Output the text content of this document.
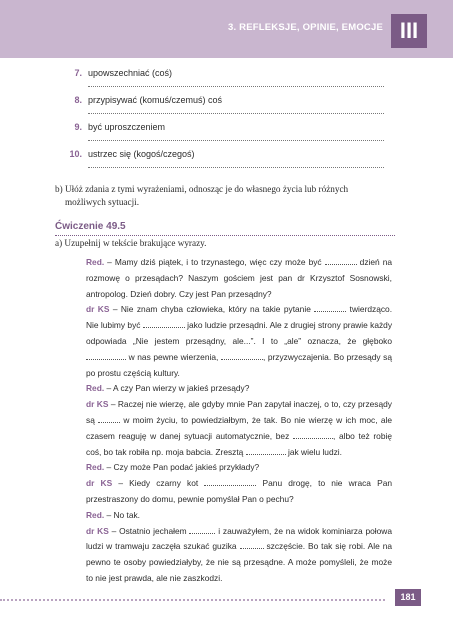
3. REFLEKSJE, OPINIE, EMOCJE III
7. upowszechniać (coś)
8. przypisywać (komuś/czemuś) coś
9. być uproszczeniem
10. ustrzec się (kogoś/czegoś)
b) Ułóż zdania z tymi wyrażeniami, odnosząc je do własnego życia lub różnych
możliwych sytuacji.
Ćwiczenie 49.5
a) Uzupełnij w tekście brakujące wyrazy.
Red. – Mamy dziś piątek, i to trzynastego, więc czy może być	dzień na rozmowę o przesądach? Naszym gościem jest pan dr Krzysztof Sosnowski, antropolog. Dzień dobry. Czy jest Pan przesądny?
dr KS – Nie znam chyba człowieka, który na takie pytanie	twierdząco. Nie lubimy być	jako ludzie przesądni. Ale z drugiej strony prawie każdy odpowiada „Nie jestem przesądny, ale...”. I to „ale” oznacza, że głęboko  w nas pewne wierzenia,	, przyzwyczajenia. Bo przesądy są po prostu częścią kultury.
Red. – A czy Pan wierzy w jakieś przesądy?
dr KS – Raczej nie wierzę, ale gdyby mnie Pan zapytał inaczej, o to, czy przesądy są	w moim życiu, to powiedziałbym, że tak. Bo nie wierzę w ich moc, ale czasem reaguję w danej sytuacji automatycznie, bez	, albo też robię coś, bo tak robiła np. moja babcia. Zresztą	jak wielu ludzi.
Red. – Czy może Pan podać jakieś przykłady?
dr KS – Kiedy czarny kot	Panu drogę, to nie wraca Pan przestraszony do domu, pewnie pomyślał Pan o pechu?
Red. – No tak.
dr KS – Ostatnio jechałem	i zauważyłem, że na widok kominiarza połowa ludzi w tramwaju zaczęła szukać guzika	szczęście. Bo tak się robi. Ale na pewno te osoby powiedziałyby, że nie są przesądne. A może pomyśleli, że może to nie jest prawda, ale nie zaszkodzi.
181
